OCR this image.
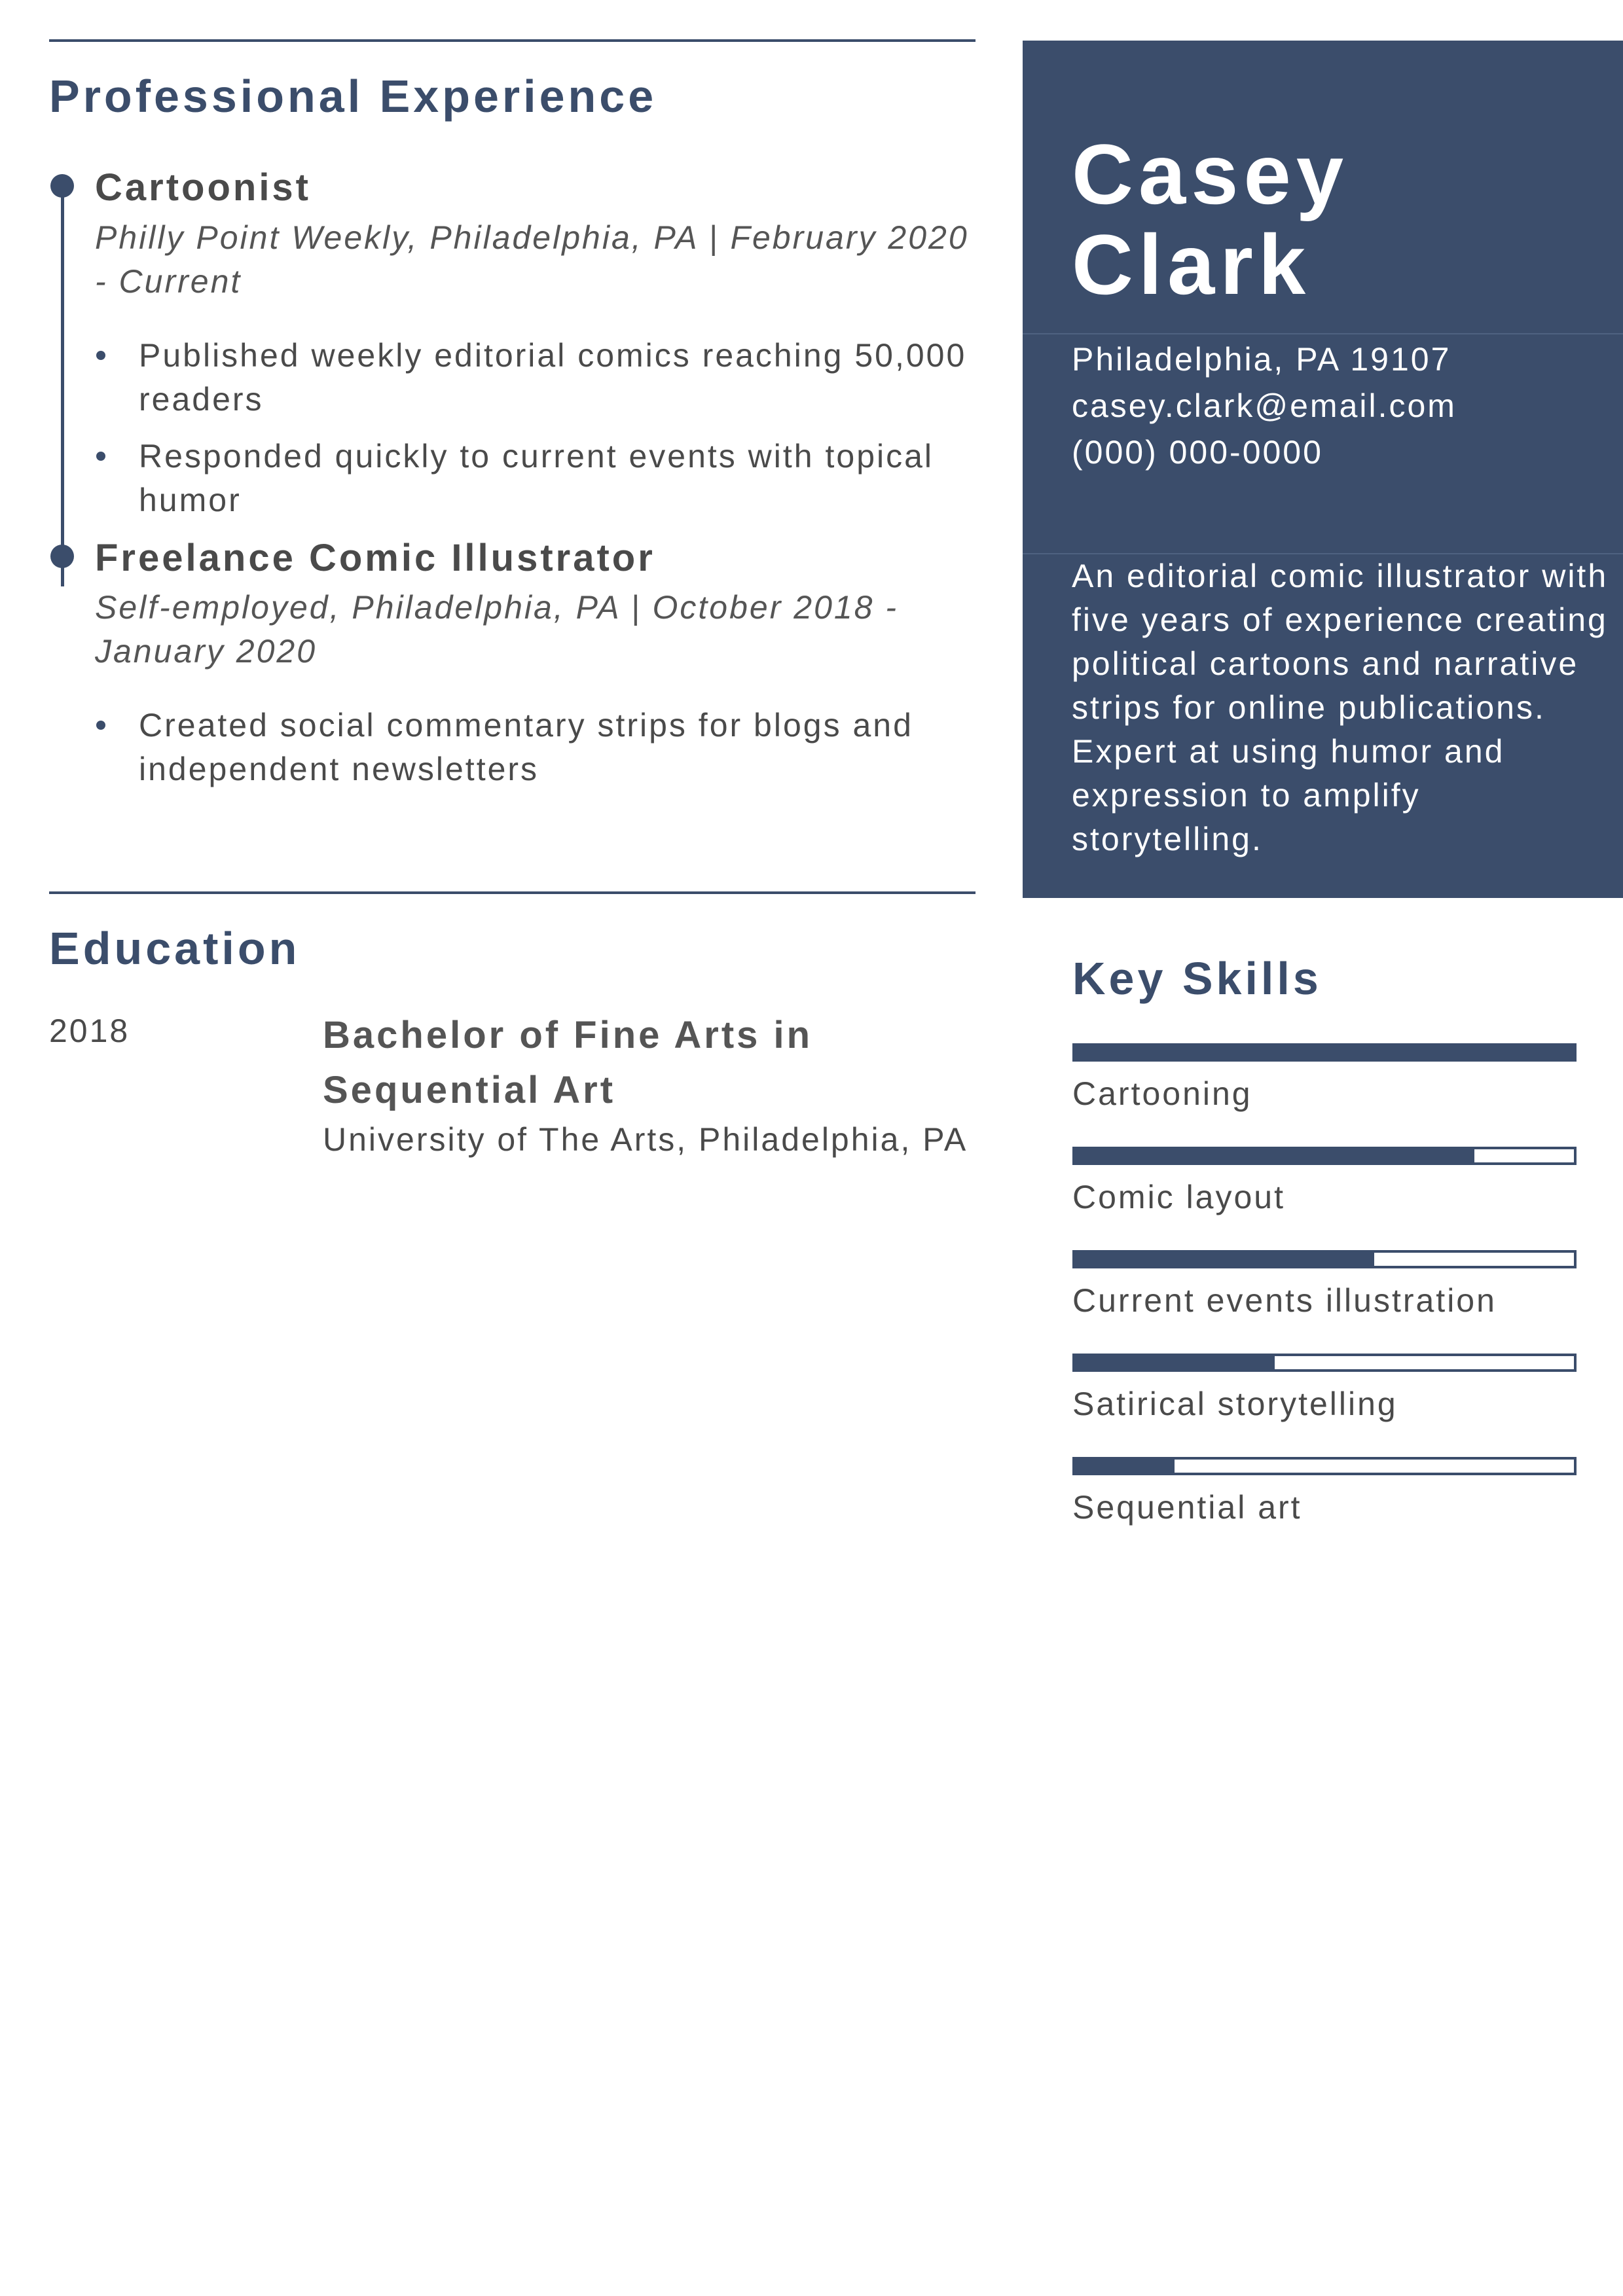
Professional Experience
Cartoonist
Philly Point Weekly, Philadelphia, PA | February 2020 - Current
Published weekly editorial comics reaching 50,000 readers
Responded quickly to current events with topical humor
Freelance Comic Illustrator
Self-employed, Philadelphia, PA | October 2018 - January 2020
Created social commentary strips for blogs and independent newsletters
Education
2018	Bachelor of Fine Arts in Sequential Art
University of The Arts, Philadelphia, PA
Casey
Clark
Philadelphia, PA 19107
casey.clark@email.com
(000) 000-0000
An editorial comic illustrator with five years of experience creating political cartoons and narrative strips for online publications. Expert at using humor and expression to amplify storytelling.
Key Skills
Cartooning
Comic layout
Current events illustration
Satirical storytelling
Sequential art
